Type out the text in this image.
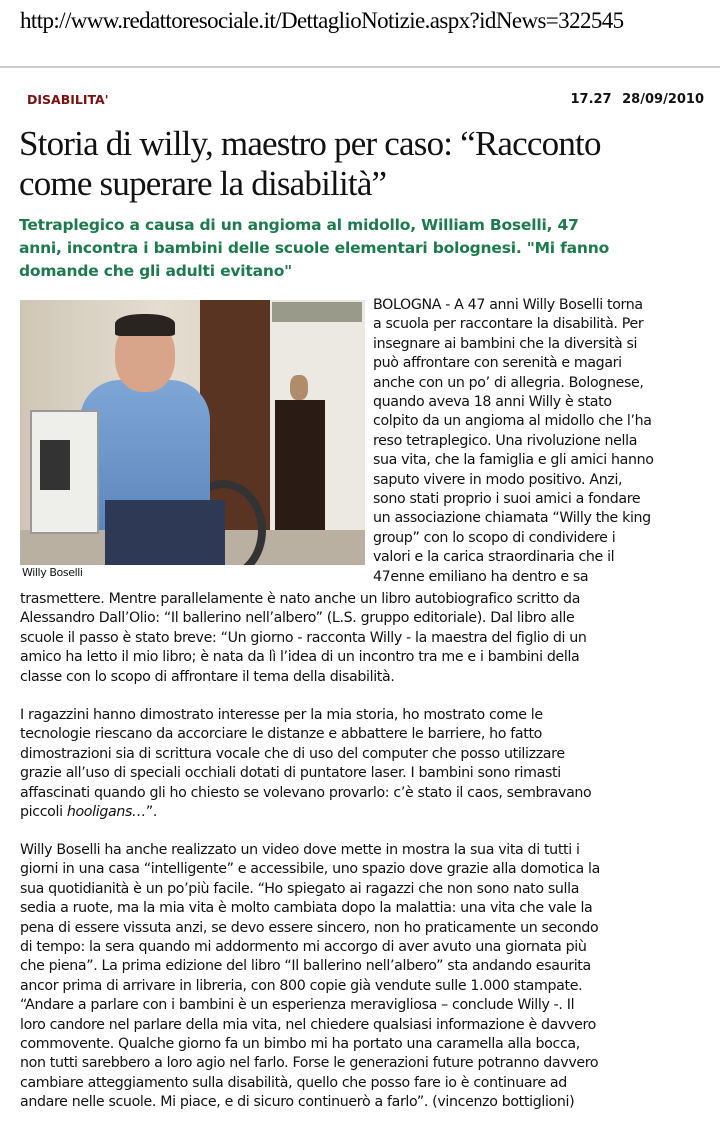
http://www.redattoresociale.it/DettaglioNotizie.aspx?idNews=322545
DISABILITA'	17.27 28/09/2010
Storia di willy, maestro per caso: “Racconto
come superare la disabilità”
Tetraplegico a causa di un angioma al midollo, William Boselli, 47
anni, incontra i bambini delle scuole elementari bolognesi. "Mi fanno
domande che gli adulti evitano"
Willy Boselli
BOLOGNA - A 47 anni Willy Boselli torna
a scuola per raccontare la disabilità. Per
insegnare ai bambini che la diversità si
può affrontare con serenità e magari
anche con un po’ di allegria. Bolognese,
quando aveva 18 anni Willy è stato
colpito da un angioma al midollo che l’ha
reso tetraplegico. Una rivoluzione nella
sua vita, che la famiglia e gli amici hanno
saputo vivere in modo positivo. Anzi,
sono stati proprio i suoi amici a fondare
un associazione chiamata “Willy the king
group” con lo scopo di condividere i
valori e la carica straordinaria che il
47enne emiliano ha dentro e sa
trasmettere. Mentre parallelamente è nato anche un libro autobiografico scritto da
Alessandro Dall’Olio: “Il ballerino nell’albero” (L.S. gruppo editoriale). Dal libro alle
scuole il passo è stato breve: “Un giorno - racconta Willy - la maestra del figlio di un
amico ha letto il mio libro; è nata da lì l’idea di un incontro tra me e i bambini della
classe con lo scopo di affrontare il tema della disabilità.
I ragazzini hanno dimostrato interesse per la mia storia, ho mostrato come le
tecnologie riescano da accorciare le distanze e abbattere le barriere, ho fatto
dimostrazioni sia di scrittura vocale che di uso del computer che posso utilizzare
grazie all’uso di speciali occhiali dotati di puntatore laser. I bambini sono rimasti
affascinati quando gli ho chiesto se volevano provarlo: c’è stato il caos, sembravano
piccoli hooligans…”.
Willy Boselli ha anche realizzato un video dove mette in mostra la sua vita di tutti i
giorni in una casa “intelligente” e accessibile, uno spazio dove grazie alla domotica la
sua quotidianità è un po’più facile. “Ho spiegato ai ragazzi che non sono nato sulla
sedia a ruote, ma la mia vita è molto cambiata dopo la malattia: una vita che vale la
pena di essere vissuta anzi, se devo essere sincero, non ho praticamente un secondo
di tempo: la sera quando mi addormento mi accorgo di aver avuto una giornata più
che piena”. La prima edizione del libro “Il ballerino nell’albero” sta andando esaurita
ancor prima di arrivare in libreria, con 800 copie già vendute sulle 1.000 stampate.
“Andare a parlare con i bambini è un esperienza meravigliosa – conclude Willy -. Il
loro candore nel parlare della mia vita, nel chiedere qualsiasi informazione è davvero
commovente. Qualche giorno fa un bimbo mi ha portato una caramella alla bocca,
non tutti sarebbero a loro agio nel farlo. Forse le generazioni future potranno davvero
cambiare atteggiamento sulla disabilità, quello che posso fare io è continuare ad
andare nelle scuole. Mi piace, e di sicuro continuerò a farlo”. (vincenzo bottiglioni)
